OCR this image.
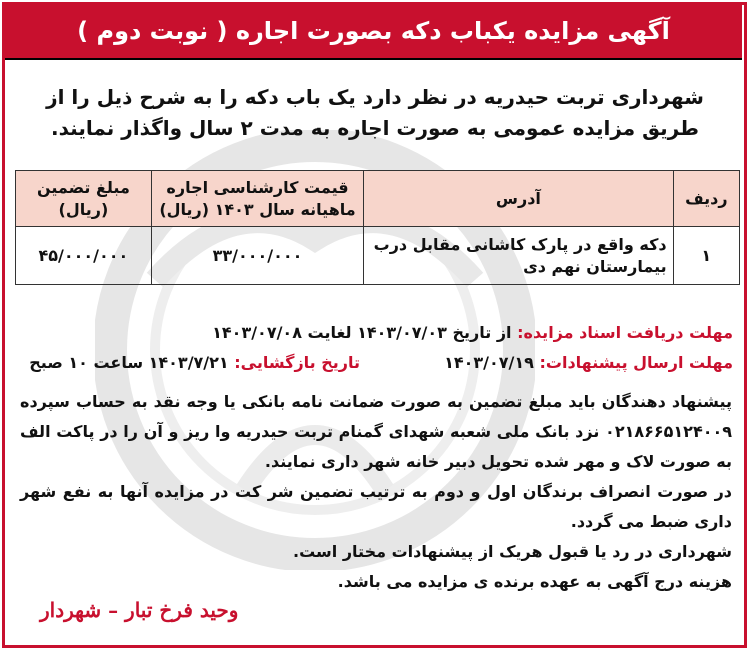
آگهی مزایده یکباب دکه بصورت اجاره ( نوبت دوم )
شهرداری تربت حیدریه در نظر دارد یک باب دکه را به شرح ذیل را از طریق مزایده عمومی به صورت اجاره به مدت ۲ سال واگذار نمایند.
ردیف	آدرس	قیمت کارشناسی اجاره ماهیانه سال ۱۴۰۳ (ریال)	مبلغ تضمین (ریال)
۱	دکه واقع در پارک کاشانی مقابل درب بیمارستان نهم دی	۳۳/۰۰۰/۰۰۰	۴۵/۰۰۰/۰۰۰
مهلت دریافت اسناد مزایده: از تاریخ ۱۴۰۳/۰۷/۰۳ لغایت ۱۴۰۳/۰۷/۰۸
مهلت ارسال پیشنهادات: ۱۴۰۳/۰۷/۱۹
تاریخ بازگشایی: ۱۴۰۳/۷/۲۱ ساعت ۱۰ صبح

پیشنهاد دهندگان باید مبلغ تضمین به صورت ضمانت نامه بانکی یا وجه نقد به حساب سپرده ۰۲۱۸۶۶۵۱۲۴۰۰۹ نزد بانک ملی شعبه شهدای گمنام تربت حیدریه وا ریز و آن را در پاکت الف به صورت لاک و مهر شده تحویل دبیر خانه شهر داری نمایند.

در صورت انصراف برندگان اول و دوم به ترتیب تضمین شر کت در مزایده آنها به نفع شهر داری ضبط می گردد.

شهرداری در رد یا قبول هریک از پیشنهادات مختار است.

هزینه درج آگهی به عهده برنده ی مزایده می باشد.

وحید فرخ تبار – شهردار
